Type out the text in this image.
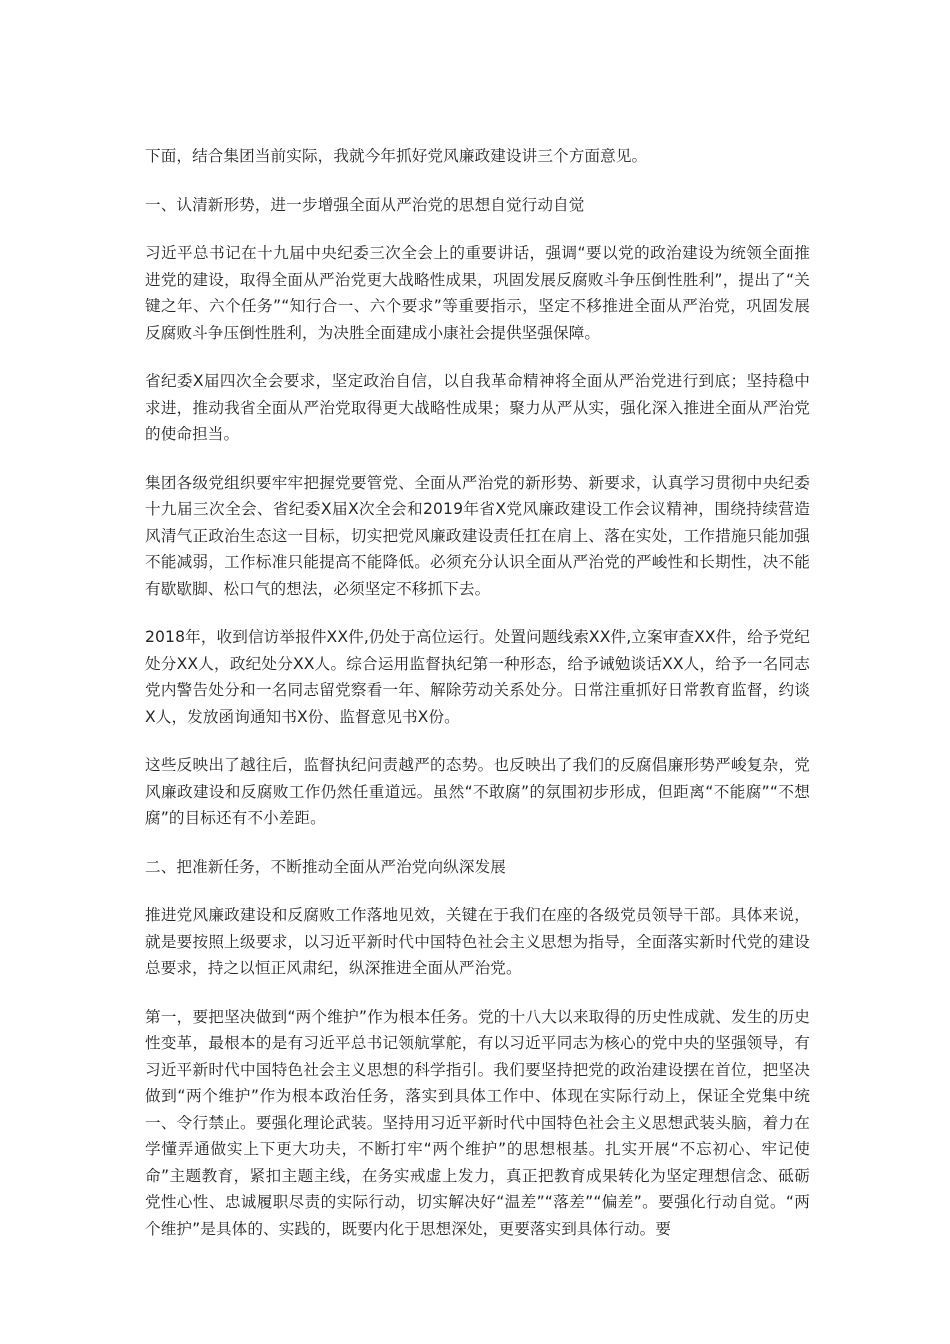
下面，结合集团当前实际，我就今年抓好党风廉政建设讲三个方面意见。

一、认清新形势，进一步增强全面从严治党的思想自觉行动自觉

习近平总书记在十九届中央纪委三次全会上的重要讲话，强调“要以党的政治建设为统领全面推进党的建设，取得全面从严治党更大战略性成果，巩固发展反腐败斗争压倒性胜利”，提出了“关键之年、六个任务”“知行合一、六个要求”等重要指示，坚定不移推进全面从严治党，巩固发展反腐败斗争压倒性胜利，为决胜全面建成小康社会提供坚强保障。

省纪委Ⅹ届四次全会要求，坚定政治自信，以自我革命精神将全面从严治党进行到底；坚持稳中求进，推动我省全面从严治党取得更大战略性成果；聚力从严从实，强化深入推进全面从严治党的使命担当。

集团各级党组织要牢牢把握党要管党、全面从严治党的新形势、新要求，认真学习贯彻中央纪委十九届三次全会、省纪委Ⅹ届Ⅹ次全会和2019年省Ⅹ党风廉政建设工作会议精神，围绕持续营造风清气正政治生态这一目标，切实把党风廉政建设责任扛在肩上、落在实处，工作措施只能加强不能减弱，工作标准只能提高不能降低。必须充分认识全面从严治党的严峻性和长期性，决不能有歇歇脚、松口气的想法，必须坚定不移抓下去。

2018年，收到信访举报件XX件,仍处于高位运行。处置问题线索XX件,立案审查XX件，给予党纪处分XX人，政纪处分XX人。综合运用监督执纪第一种形态，给予诫勉谈话XX人，给予一名同志党内警告处分和一名同志留党察看一年、解除劳动关系处分。日常注重抓好日常教育监督，约谈X人，发放函询通知书X份、监督意见书X份。

这些反映出了越往后，监督执纪问责越严的态势。也反映出了我们的反腐倡廉形势严峻复杂，党风廉政建设和反腐败工作仍然任重道远。虽然“不敢腐”的氛围初步形成，但距离“不能腐”“不想腐”的目标还有不小差距。

二、把准新任务，不断推动全面从严治党向纵深发展

推进党风廉政建设和反腐败工作落地见效，关键在于我们在座的各级党员领导干部。具体来说，就是要按照上级要求，以习近平新时代中国特色社会主义思想为指导，全面落实新时代党的建设总要求，持之以恒正风肃纪，纵深推进全面从严治党。

第一，要把坚决做到“两个维护”作为根本任务。党的十八大以来取得的历史性成就、发生的历史性变革，最根本的是有习近平总书记领航掌舵，有以习近平同志为核心的党中央的坚强领导，有习近平新时代中国特色社会主义思想的科学指引。我们要坚持把党的政治建设摆在首位，把坚决做到“两个维护”作为根本政治任务，落实到具体工作中、体现在实际行动上，保证全党集中统一、令行禁止。要强化理论武装。坚持用习近平新时代中国特色社会主义思想武装头脑，着力在学懂弄通做实上下更大功夫，不断打牢“两个维护”的思想根基。扎实开展“不忘初心、牢记使命”主题教育，紧扣主题主线，在务实戒虚上发力，真正把教育成果转化为坚定理想信念、砥砺党性心性、忠诚履职尽责的实际行动，切实解决好“温差”“落差”“偏差”。要强化行动自觉。“两个维护”是具体的、实践的，既要内化于思想深处，更要落实到具体行动。要
